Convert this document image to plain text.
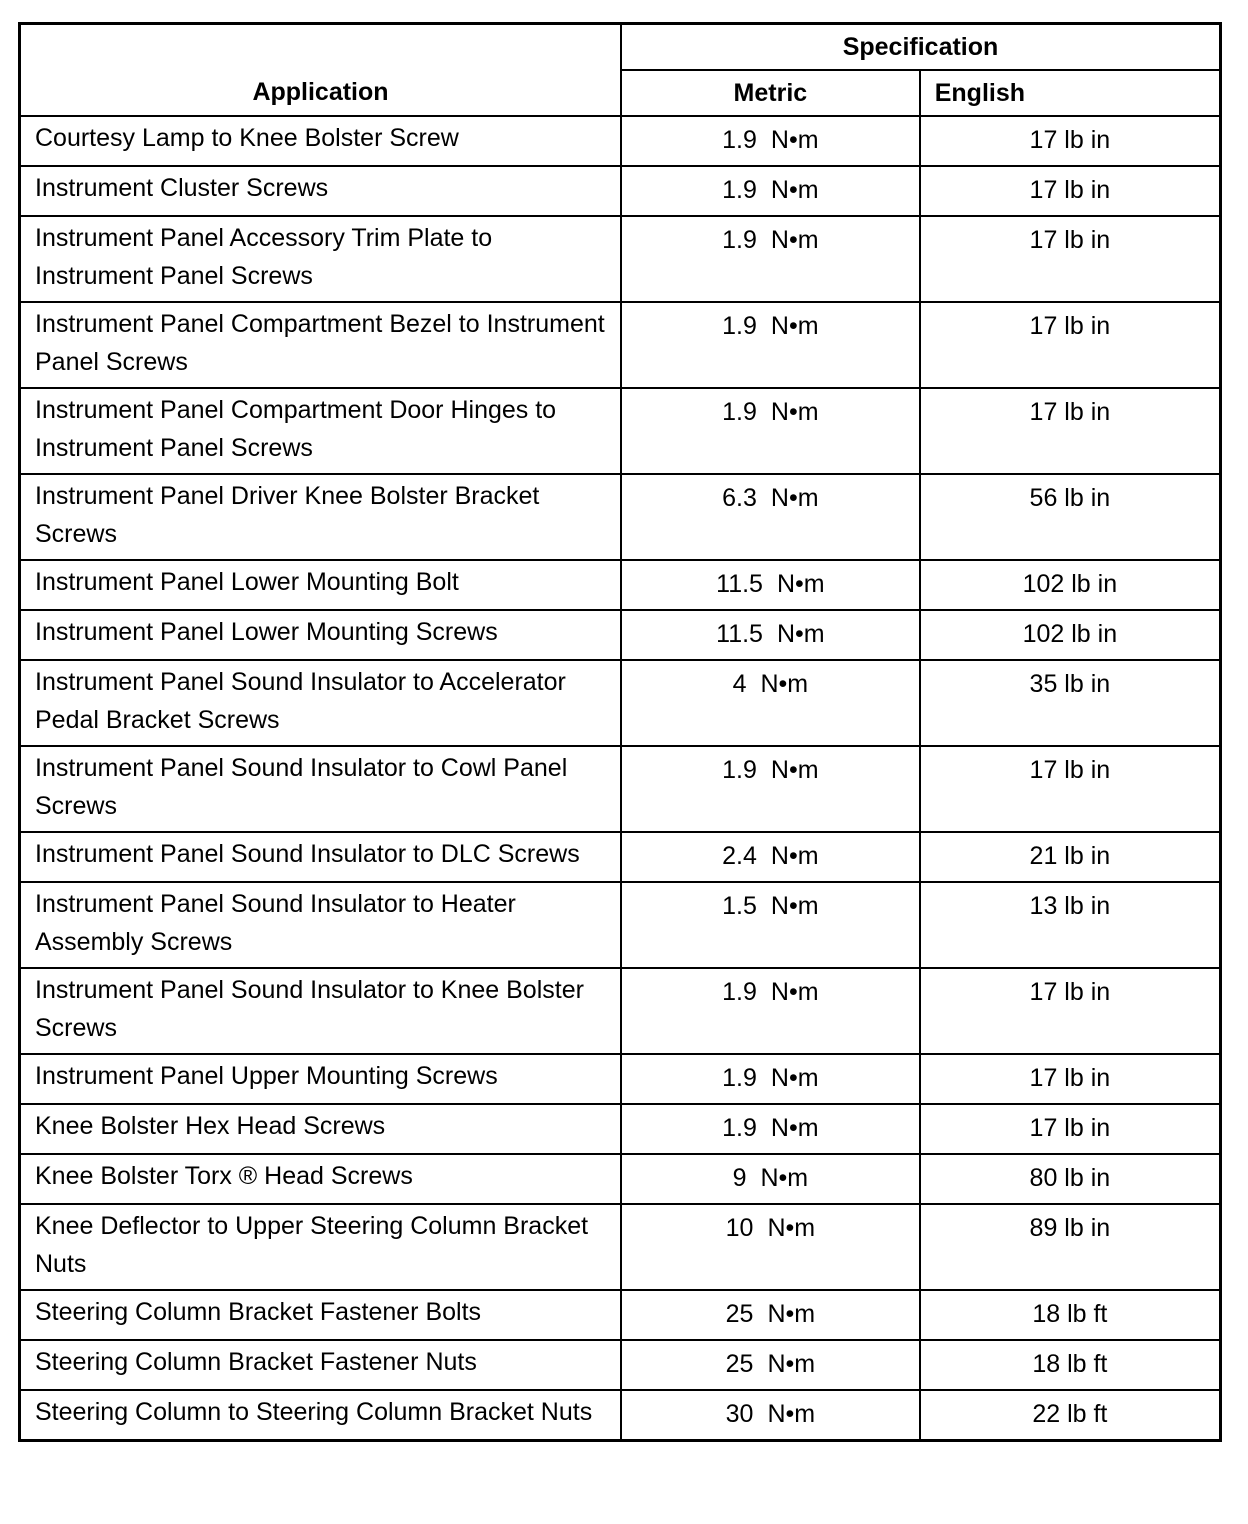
Application	Specification	
	Metric	English
Courtesy Lamp to Knee Bolster Screw	1.9 N•m	17 lb in
Instrument Cluster Screws	1.9 N•m	17 lb in
Instrument Panel Accessory Trim Plate to Instrument Panel Screws	1.9 N•m	17 lb in
Instrument Panel Compartment Bezel to Instrument Panel Screws	1.9 N•m	17 lb in
Instrument Panel Compartment Door Hinges to Instrument Panel Screws	1.9 N•m	17 lb in
Instrument Panel Driver Knee Bolster Bracket Screws	6.3 N•m	56 lb in
Instrument Panel Lower Mounting Bolt	11.5 N•m	102 lb in
Instrument Panel Lower Mounting Screws	11.5 N•m	102 lb in
Instrument Panel Sound Insulator to Accelerator Pedal Bracket Screws	4 N•m	35 lb in
Instrument Panel Sound Insulator to Cowl Panel Screws	1.9 N•m	17 lb in
Instrument Panel Sound Insulator to DLC Screws	2.4 N•m	21 lb in
Instrument Panel Sound Insulator to Heater Assembly Screws	1.5 N•m	13 lb in
Instrument Panel Sound Insulator to Knee Bolster Screws	1.9 N•m	17 lb in
Instrument Panel Upper Mounting Screws	1.9 N•m	17 lb in
Knee Bolster Hex Head Screws	1.9 N•m	17 lb in
Knee Bolster Torx ® Head Screws	9 N•m	80 lb in
Knee Deflector to Upper Steering Column Bracket Nuts	10 N•m	89 lb in
Steering Column Bracket Fastener Bolts	25 N•m	18 lb ft
Steering Column Bracket Fastener Nuts	25 N•m	18 lb ft
Steering Column to Steering Column Bracket Nuts	30 N•m	22 lb ft
